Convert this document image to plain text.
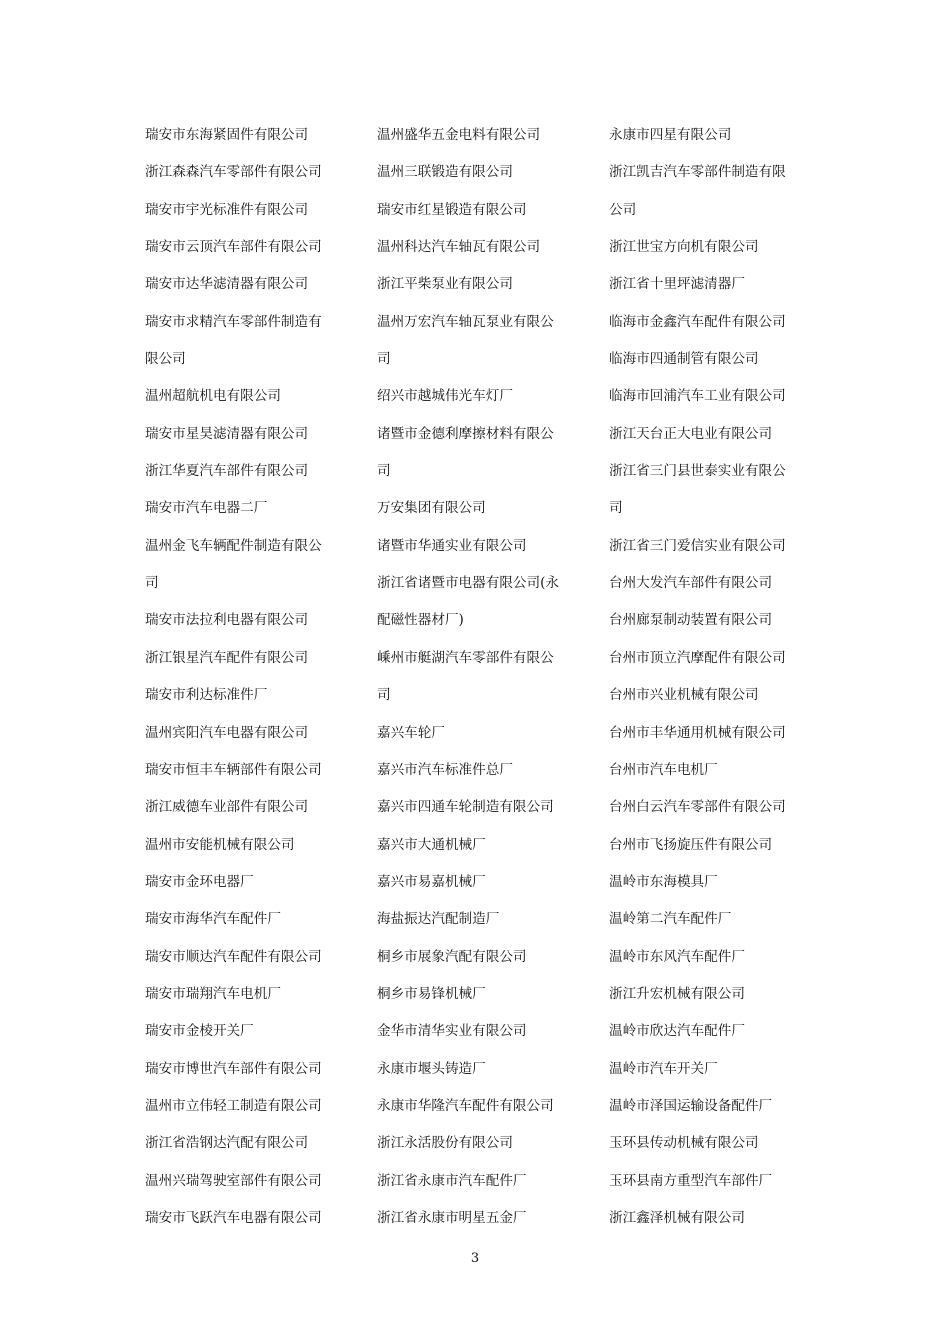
瑞安市东海紧固件有限公司
浙江森森汽车零部件有限公司
瑞安市宇光标准件有限公司
瑞安市云顶汽车部件有限公司
瑞安市达华滤清器有限公司
瑞安市求精汽车零部件制造有
限公司
温州超航机电有限公司
瑞安市星昊滤清器有限公司
浙江华夏汽车部件有限公司
瑞安市汽车电器二厂
温州金飞车辆配件制造有限公
司
瑞安市法拉利电器有限公司
浙江银星汽车配件有限公司
瑞安市利达标准件厂
温州宾阳汽车电器有限公司
瑞安市恒丰车辆部件有限公司
浙江威德车业部件有限公司
温州市安能机械有限公司
瑞安市金环电器厂
瑞安市海华汽车配件厂
瑞安市顺达汽车配件有限公司
瑞安市瑞翔汽车电机厂
瑞安市金棱开关厂
瑞安市博世汽车部件有限公司
温州市立伟轻工制造有限公司
浙江省浩钢达汽配有限公司
温州兴瑞驾驶室部件有限公司
瑞安市飞跃汽车电器有限公司
温州盛华五金电料有限公司
温州三联锻造有限公司
瑞安市红星锻造有限公司
温州科达汽车轴瓦有限公司
浙江平柴泵业有限公司
温州万宏汽车轴瓦泵业有限公
司
绍兴市越城伟光车灯厂
诸暨市金德利摩擦材料有限公
司
万安集团有限公司
诸暨市华通实业有限公司
浙江省诸暨市电器有限公司(永
配磁性器材厂)
嵊州市艇湖汽车零部件有限公
司
嘉兴车轮厂
嘉兴市汽车标准件总厂
嘉兴市四通车轮制造有限公司
嘉兴市大通机械厂
嘉兴市易嘉机械厂
海盐振达汽配制造厂
桐乡市展象汽配有限公司
桐乡市易锋机械厂
金华市清华实业有限公司
永康市堰头铸造厂
永康市华隆汽车配件有限公司
浙江永活股份有限公司
浙江省永康市汽车配件厂
浙江省永康市明星五金厂
永康市四星有限公司
浙江凯吉汽车零部件制造有限
公司
浙江世宝方向机有限公司
浙江省十里坪滤清器厂
临海市金鑫汽车配件有限公司
临海市四通制管有限公司
临海市回浦汽车工业有限公司
浙江天台正大电业有限公司
浙江省三门县世泰实业有限公
司
浙江省三门爱信实业有限公司
台州大发汽车部件有限公司
台州廊泵制动装置有限公司
台州市顶立汽摩配件有限公司
台州市兴业机械有限公司
台州市丰华通用机械有限公司
台州市汽车电机厂
台州白云汽车零部件有限公司
台州市飞扬旋压件有限公司
温岭市东海模具厂
温岭第二汽车配件厂
温岭市东风汽车配件厂
浙江升宏机械有限公司
温岭市欣达汽车配件厂
温岭市汽车开关厂
温岭市泽国运输设备配件厂
玉环县传动机械有限公司
玉环县南方重型汽车部件厂
浙江鑫泽机械有限公司
3
